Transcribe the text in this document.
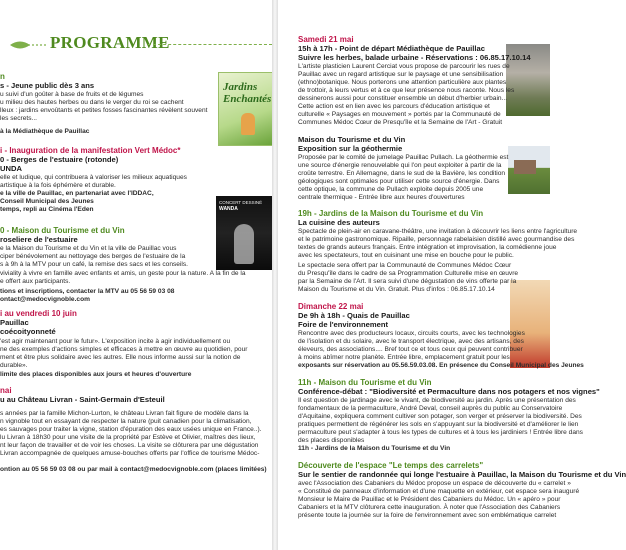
PROGRAMME
Jardins
Enchantés
CONCERT DESSINÉ
WANDA
n
s - Jeune public dès 3 ans
u suivi d'un goûter à base de fruits et de légumes
u milieu des hautes herbes ou dans le verger du roi se cachent
lleux : jardins envoûtants et petites fosses fascinantes révèlent souvent
les secrets...
à la Médiathèque de Pauillac
i - Inauguration de la manifestation Vert Médoc*
0 - Berges de l'estuaire (rotonde)
UNDA
elle et ludique, qui contribuera à valoriser les milieux aquatiques
artistique à la fois éphémère et durable.
e la ville de Pauillac, en partenariat avec l'IDDAC,
Conseil Municipal des Jeunes
temps, repli au Cinéma l'Eden
0 - Maison du Tourisme et du Vin
roseliere de l'estuaire
e la Maison du Tourisme et du Vin et la ville de Pauillac vous
ciper bénévolement au nettoyage des berges de l'estuaire de la
s à 9h à la MTV pour un café, la remise des sacs et les conseils.
viviality à vivre en famille avec enfants et amis, un geste pour la nature. A la fin de la
e offert aux participants.
tions et inscriptions, contacter la MTV au 05 56 59 03 08
ontact@medocvignoble.com
i au vendredi 10 juin
Pauillac
coécoityonneté
'est agir maintenant pour le futur». L'exposition incite à agir individuellement ou
ne des exemples d'actions simples et efficaces à mettre en œuvre au quotidien, pour
ment et être plus solidaire avec les autres. Elle nous informe aussi sur la notion de
durable».
limite des places disponibles aux jours et heures d'ouverture
nai
u au Château Livran - Saint-Germain d'Esteuil
s années par la famille Michon-Lurton, le château Livran fait figure de modèle dans la
n vignoble tout en essayant de respecter la nature (puit canadien pour la climatisation,
es sauvages pour traiter la vigne, station d'épuration des eaux usées unique en France..).
lu Livran à 18h30 pour une visite de la propriété par Estève et Olivier, maîtres des lieux,
nt leur façon de travailler et de voir les choses. La visite se clôturera par une dégustation
Livran accompagnée de quelques amuse-bouches offerts par l'office de tourisme Médoc-
ontion au 05 56 59 03 08 ou par mail à contact@medocvignoble.com (places limitées)
Samedi 21 mai
15h à 17h - Point de départ Médiathèque de Pauillac
Suivre les herbes, balade urbaine - Réservations : 06.85.17.10.14
L'artiste plasticien Laurent Cerciat vous propose de parcourir les rues de
Pauillac avec un regard artistique sur le paysage et une sensibilisation
(ethno)botanique. Nous porterons une attention particulière aux plantes
de trottoir, à leurs vertus et à ce que leur présence nous raconte. Nous les
dessinerons aussi pour constituer ensemble un début d'herbier urbain...
Cette action est en lien avec les parcours d'éducation artistique et
culturelle « Paysages en mouvement » portés par la Communauté de
Communes Médoc Cœur de Presqu'île et la Semaine de l'Art - Gratuit
Maison du Tourisme et du Vin
Exposition sur la géothermie
Proposée par le comité de jumelage Pauillac Pullach. La géothermie est
une source d'énergie renouvelable qui l'on peut exploiter à partir de la
croûte terrestre. En Allemagne, dans le sud de la Bavière, les condition
géologiques sont optimales pour utiliser cette source d'énergie. Dans
cette optique, la commune de Pullach exploite depuis 2005 une
centrale thermique - Entrée libre aux heures d'ouvertures
19h - Jardins de la Maison du Tourisme et du Vin
La cuisine des auteurs
Spectacle de plein-air en caravane-théâtre, une invitation à découvrir les liens entre l'agriculture
et le patrimoine gastronomique. Ripaille, personnage rabelaisien distillé avec gourmandise des
textes de grands auteurs français. Entre intégration et improvisation, la comédienne joue
avec les spectateurs, tout en cuisinant une mise en bouche pour le public.
Le spectacle sera offert par la Communauté de Communes Médoc Cœur
du Presqu'île dans le cadre de sa Programmation Culturelle mise en œuvre
par la Semaine de l'Art. Il sera suivi d'une dégustation de vins offerte par la
Maison du Tourisme et du Vin. Gratuit. Plus d'infos : 06.85.17.10.14
Dimanche 22 mai
De 9h à 18h - Quais de Pauillac
Foire de l'environnement
Rencontre avec des producteurs locaux, circuits courts, avec les technologies
de l'isolation et du solaire, avec le transport électrique, avec des artisans, des
éleveurs, des associations.... Bref tout ce et tous ceux qui peuvent contribuer
à moins abîmer notre planète. Entrée libre, emplacement gratuit pour les
exposants sur réservation au 05.56.59.03.08. En présence du Conseil Municipal des Jeunes
11h - Maison du Tourisme et du Vin
Conférence-débat : "Biodiversité et Permaculture dans nos potagers et nos vignes"
Il est question de jardinage avec le vivant, de biodiversité au jardin. Après une présentation des
fondamentaux de la permaculture, André Deval, conseil auprès du public au Conservatoire
d'Aquitaine, expliquera comment cultiver son potager, son verger et préserver la biodiversité. Des
pratiques permettent de régénérer les sols en s'appuyant sur la biodiversité et d'améliorer le lien
permaculture peut s'adapter à tous les types de cultures et à tous les jardiniers ! Entrée libre dans
des places disponibles
11h - Jardins de la Maison du Tourisme et du Vin
Découverte de l'espace "Le temps des carrelets"
Sur le sentier de randonnée qui longe l'estuaire à Pauillac, la Maison du Tourisme et du Vin
avec l'Association des Cabaniers du Médoc propose un espace de découverte du « carrelet »
« Constitué de panneaux d'information et d'une maquette en extérieur, cet espace sera inauguré
Monsieur le Maire de Pauillac et le Président des Cabaniers du Médoc. Un « apéro » pour
Cabaniers et la MTV clôturera cette inauguration. À noter que l'Association des Cabaniers
présente toute la journée sur la foire de l'environnement avec son emblématique carrelet
